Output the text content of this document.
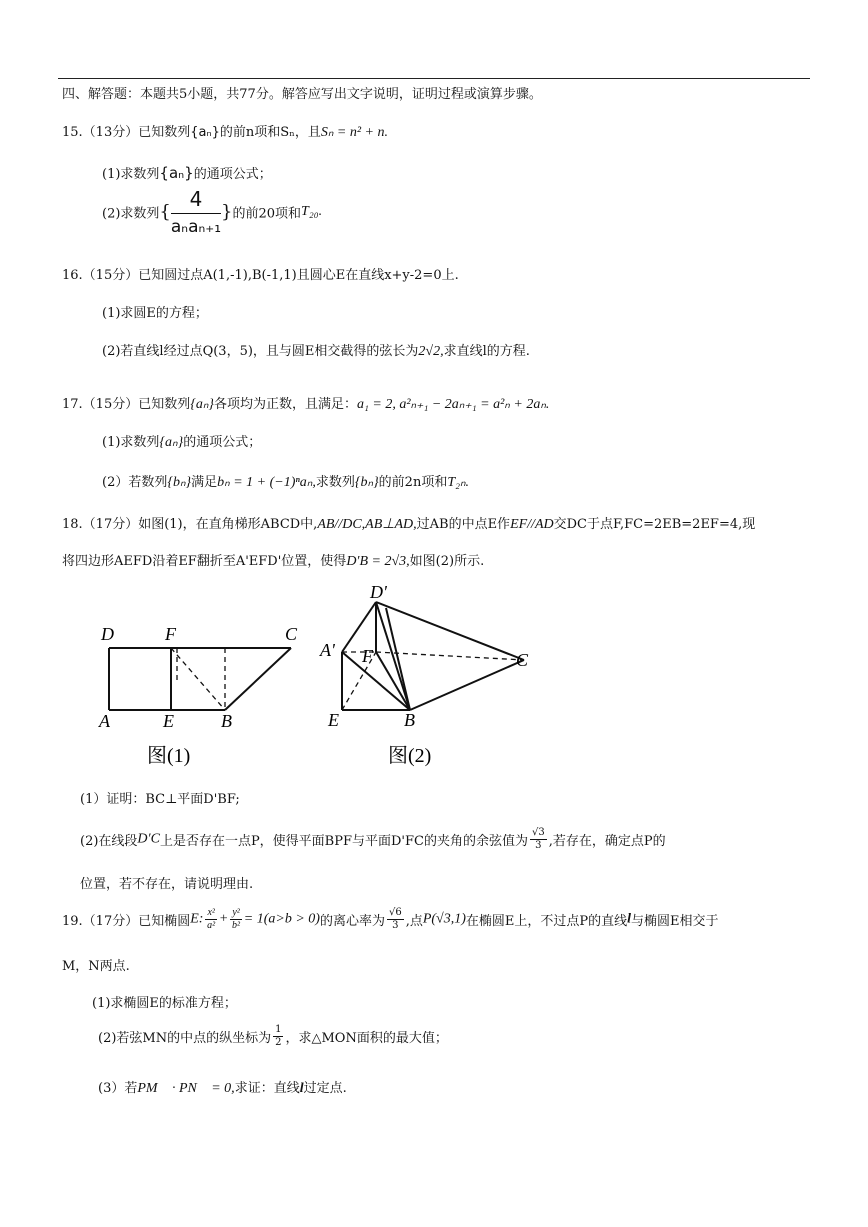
四、解答题：本题共5小题，共77分。解答应写出文字说明，证明过程或演算步骤。
15.（13分）已知数列{aₙ}的前n项和Sₙ，且Sₙ = n² + n.
(1)求数列{aₙ}的通项公式；
(2)求数列{ $\frac{4}{\text{aₙaₙ₊₁}}$ }的前20项和T₂₀.
16.（15分）已知圆过点A(1,-1),B(-1,1)且圆心E在直线x+y-2=0上.
(1)求圆E的方程；
(2)若直线l经过点Q(3，5)，且与圆E相交截得的弦长为2√2,求直线l的方程.
17.（15分）已知数列{aₙ}各项均为正数，且满足：a₁ = 2, a²ₙ₊₁ − 2aₙ₊₁ = a²ₙ + 2aₙ.
(1)求数列{aₙ}的通项公式；
(2）若数列{bₙ}满足bₙ = 1 + (−1)ⁿaₙ,求数列{bₙ}的前2n项和T₂ₙ.
18.（17分）如图(1)，在直角梯形ABCD中,AB//DC,AB⊥AD,过AB的中点E作EF//AD交DC于点F,FC=2EB=2EF=4,现
将四边形AEFD沿着EF翻折至A'EFD'位置，使得D′B = 2√3,如图(2)所示.
D	F	C
A	E	B
图(1)
D'
A' F	C
E	B
图(2)
(1）证明：BC⊥平面D'BF;
(2)在线段D′C上是否存在一点P，使得平面BPF与平面D'FC的夹角的余弦值为 $\frac{√3}{3}$ ,若存在，确定点P的
位置，若不存在，请说明理由.
19.（17分）已知椭圆E: $\frac{\text{x²}}{\text{a²}} + \frac{\text{y²}}{\text{b²}} = 1(a>b > 0)$的离心率为 $\frac{√6}{3}$ ,点P(√3,1)在椭圆E上，不过点P的直线l与椭圆E相交于
M，N两点.
(1)求椭圆E的标准方程；
(2)若弦MN的中点的纵坐标为 $\frac{1}{2}$ ，求△MON面积的最大值；
(3）若PM⃗ · PN⃗ = 0,求证：直线l过定点.
